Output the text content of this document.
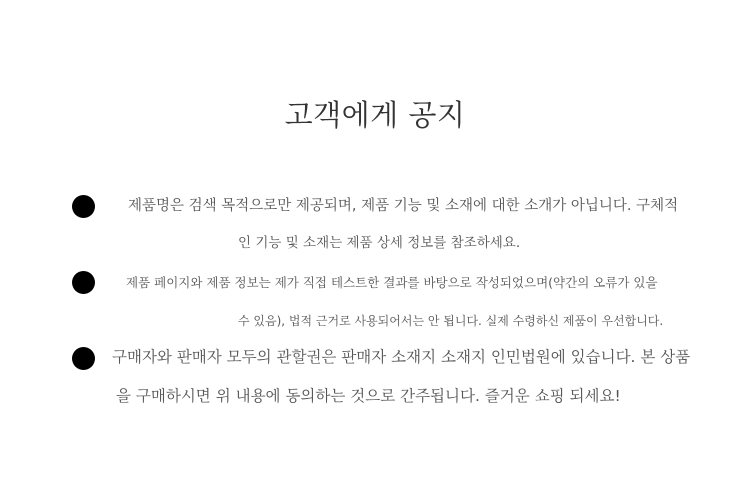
고객에게 공지
제품명은 검색 목적으로만 제공되며, 제품 기능 및 소재에 대한 소개가 아닙니다. 구체적
인 기능 및 소재는 제품 상세 정보를 참조하세요.
제품 페이지와 제품 정보는 제가 직접 테스트한 결과를 바탕으로 작성되었으며(약간의 오류가 있을
수 있음), 법적 근거로 사용되어서는 안 됩니다. 실제 수령하신 제품이 우선합니다.
구매자와 판매자 모두의 관할권은 판매자 소재지 소재지 인민법원에 있습니다. 본 상품
을 구매하시면 위 내용에 동의하는 것으로 간주됩니다. 즐거운 쇼핑 되세요!
